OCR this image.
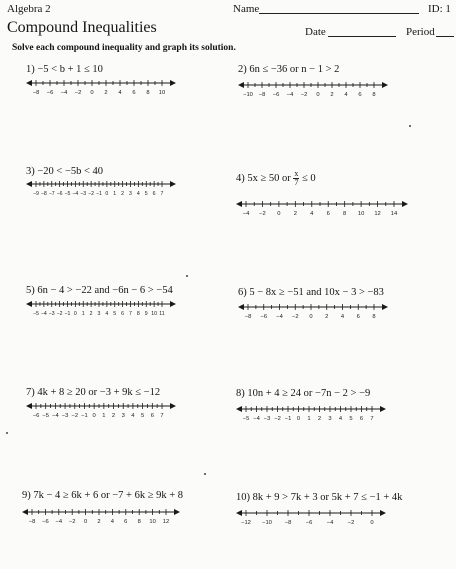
Algebra 2
Compound Inequalities
Name	ID: 1
Date	Period
Solve each compound inequality and graph its solution.
1) −5 < b + 1 ≤ 10
−8 −6 −4 −2 0 2 4 6 8 10
3) −20 < −5b < 40
−9 −8 −7 −6 −5 −4 −3 −2 −1 0 1 2 3 4 5 6 7
5) 6n − 4 > −22 and −6n − 6 > −54
−5 −4 −3 −2 −1 0 1 2 3 4 5 6 7 8 9 10 11
7) 4k + 8 ≥ 20 or −3 + 9k ≤ −12
−6 −5 −4 −3 −2 −1 0 1 2 3 4 5 6 7
9) 7k − 4 ≥ 6k + 6 or −7 + 6k ≥ 9k + 8
−8 −6 −4 −2 0 2 4 6 8 10 12
2) 6n ≤ −36 or n − 1 > 2
−10 −8 −6 −4 −2 0 2 4 6 8
4) 5x ≥ 50 or $\frac{x}{7} \le 0$
−4 −2 0 2 4 6 8 10 12 14
6) 5 − 8x ≥ −51 and 10x − 3 > −83
−8 −6 −4 −2 0 2 4 6 8
8) 10n + 4 ≥ 24 or −7n − 2 > −9
−5 −4 −3 −2 −1 0 1 2 3 4 5 6 7
10) 8k + 9 > 7k + 3 or 5k + 7 ≤ −1 + 4k
−12 −10 −8 −6 −4 −2	0
